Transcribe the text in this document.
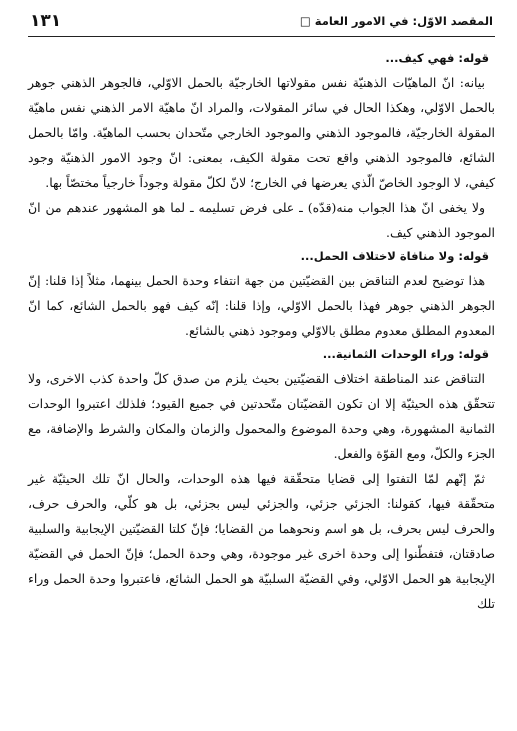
المقصد الاوّل: في الامور العامة □
١٣١

قوله: فهي كيف...

بيانه: انّ الماهيّات الذهنيّة نفس مقولاتها الخارجيّة بالحمل الاوّلي، فالجوهر الذهني جوهر بالحمل الاوّلي، وهكذا الحال في سائر المقولات، والمراد انّ ماهيّة الامر الذهني نفس ماهيّة المقولة الخارجيّة، فالموجود الذهني والموجود الخارجي متّحدان بحسب الماهيّة. وامّا بالحمل الشائع، فالموجود الذهني واقع تحت مقولة الكيف، بمعنى: انّ وجود الامور الذهنيّة وجود كيفي، لا الوجود الخاصّ الّذي يعرضها في الخارج؛ لانّ لكلّ مقولة وجوداً خارجياً مختصّاً بها.

ولا يخفى انّ هذا الجواب منه(قدّه) ـ على فرض تسليمه ـ لما هو المشهور عندهم من انّ الموجود الذهني كيف.

قوله: ولا منافاة لاختلاف الحمل...

هذا توضيح لعدم التناقض بين القضيّتين من جهة انتفاء وحدة الحمل بينهما، مثلاً إذا قلنا: إنّ الجوهر الذهني جوهر فهذا بالحمل الاوّلي، وإذا قلنا: إنّه كيف فهو بالحمل الشائع، كما انّ المعدوم المطلق معدوم مطلق بالاوّلي وموجود ذهني بالشائع.

قوله: وراء الوحدات الثمانية...

التناقض عند المناطقة اختلاف القضيّتين بحيث يلزم من صدق كلّ واحدة كذب الاخرى، ولا تتحقّق هذه الحيثيّة إلا ان تكون القضيّتان متّحدتين في جميع القيود؛ فلذلك اعتبروا الوحدات الثمانية المشهورة، وهي وحدة الموضوع والمحمول والزمان والمكان والشرط والإضافة، مع الجزء والكلّ، ومع القوّة والفعل.

ثمّ إنّهم لمّا التفتوا إلى قضايا متحقّقة فيها هذه الوحدات، والحال انّ تلك الحيثيّة غير متحقّقة فيها، كقولنا: الجزئي جزئي، والجزئي ليس بجزئي، بل هو كلّي، والحرف حرف، والحرف ليس بحرف، بل هو اسم ونحوهما من القضايا؛ فإنّ كلتا القضيّتين الإيجابية والسلبية صادقتان، فتفطّنوا إلى وحدة اخرى غير موجودة، وهي وحدة الحمل؛ فإنّ الحمل في القضيّة الإيجابية هو الحمل الاوّلي، وفي القضيّة السلبيّة هو الحمل الشائع، فاعتبروا وحدة الحمل وراء تلك
